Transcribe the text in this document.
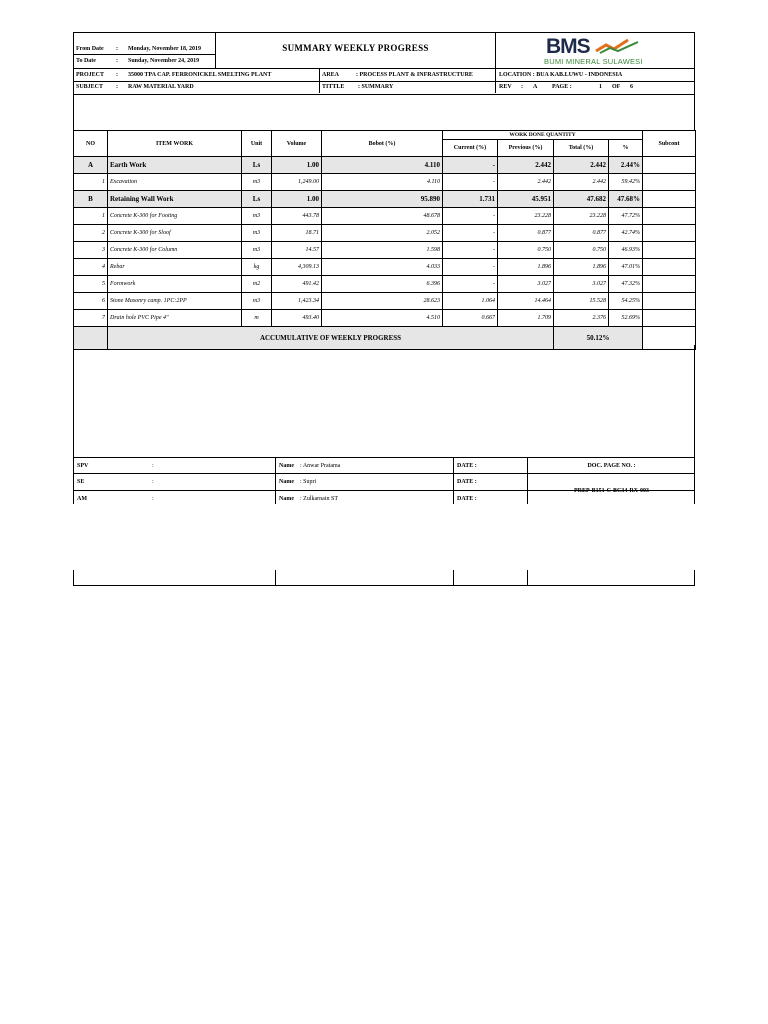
From Date : Monday, November 18, 2019
To Date	: Sunday, November 24, 2019
SUMMARY WEEKLY PROGRESS	BMS
BUMI MINERAL SULAWESI
PROJECT : 35000 TPA CAP. FERRONICKEL SMELTING PLANT	AREA	: PROCESS PLANT & INFRASTRUCTURE	LOCATION : BUA KAB.LUWU - INDONESIA
SUBJECT : RAW MATERIAL YARD	TITTLE : SUMMARY	REV : A PAGE :	1 OF 6
NO	ITEM WORK	Unit	Volume	Bobot (%)	WORK DONE QUANTITY				Subcont
					Current (%)	Previous (%)	Total (%)	%	
A	Earth Work	Ls	1.00	4.110	-	2.442	2.442	2.44%	
1	Excavation	m3	1,249.00	4.110	-	2.442	2.442	59.42%	
B	Retaining Wall Work	Ls	1.00	95.890	1.731	45.951	47.682	47.68%	
1	Concrete K-300 for Footing	m3	443.78	48.678	-	23.228	23.228	47.72%	
2	Concrete K-300 for Sloof	m3	18.71	2.052	-	0.877	0.877	42.74%	
3	Concrete K-300 for Column	m3	14.57	1.598	-	0.750	0.750	46.93%	
4	Rebar	kg	4,309.13	4.033	-	1.896	1.896	47.01%	
5	Formwork	m2	491.42	6.396	-	3.027	3.027	47.32%	
6	Stone Masonry camp. 1PC:2PP	m3	1,423.34	28.623	1.064	14.464	15.528	54.25%	
7	Drain hole PVC Pipe 4"	m	493.40	4.510	0.667	1.709	2.376	52.69%	
	ACCUMULATIVE OF WEEKLY PROGRESS						50.12%		
SPV	:	Name : Anwar Pratama	DATE :	DOC. PAGE NO. :
SE	:	Name : Supri	DATE :
PREP-B151-C-BC34-RX-003
AM	:	Name : Zulkarnain ST	DATE :
